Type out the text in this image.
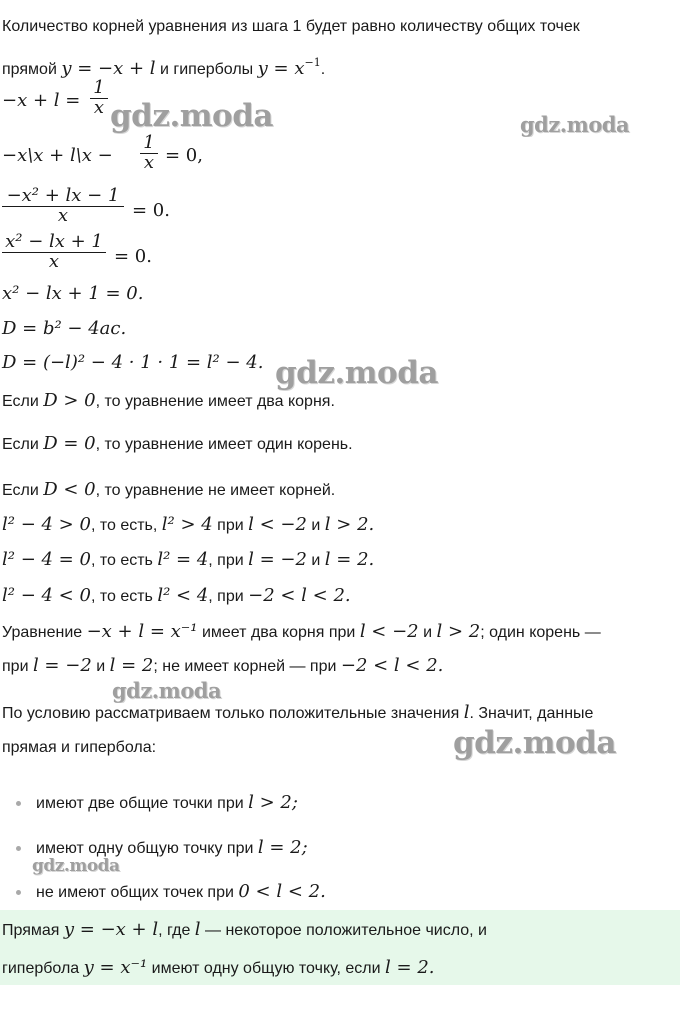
Количество корней уравнения из шага 1 будет равно количеству общих точек
прямой y = −x + l и гиперболы $y = x^{-1}$.
−x + l =
1
x
−x\x + l\x −
1
x = 0,
−x² + lx − 1
x	= 0.
x² − lx + 1
x	= 0.
x² − lx + 1 = 0.
D = b² − 4ac.
D = (−l)² − 4 · 1 · 1 = l² − 4.
Если D > 0, то уравнение имеет два корня.
Если D = 0, то уравнение имеет один корень.
Если D < 0, то уравнение не имеет корней.
l² − 4 > 0, то есть, l² > 4 при l < −2 и l > 2.
l² − 4 = 0, то есть l² = 4, при l = −2 и l = 2.
l² − 4 < 0, то есть l² < 4, при −2 < l < 2.
Уравнение −x + l = x⁻¹ имеет два корня при l < −2 и l > 2; один корень —
при l = −2 и l = 2; не имеет корней — при −2 < l < 2.
По условию рассматриваем только положительные значения l. Значит, данные
прямая и гипербола:
имеют две общие точки при l > 2;
имеют одну общую точку при l = 2;
не имеют общих точек при 0 < l < 2.
Прямая y = −x + l, где l — некоторое положительное число, и
гипербола y = x⁻¹ имеют одну общую точку, если l = 2.
gdz.moda	gdz.moda
gdz.moda
gdz.moda
gdz.moda
gdz.moda
